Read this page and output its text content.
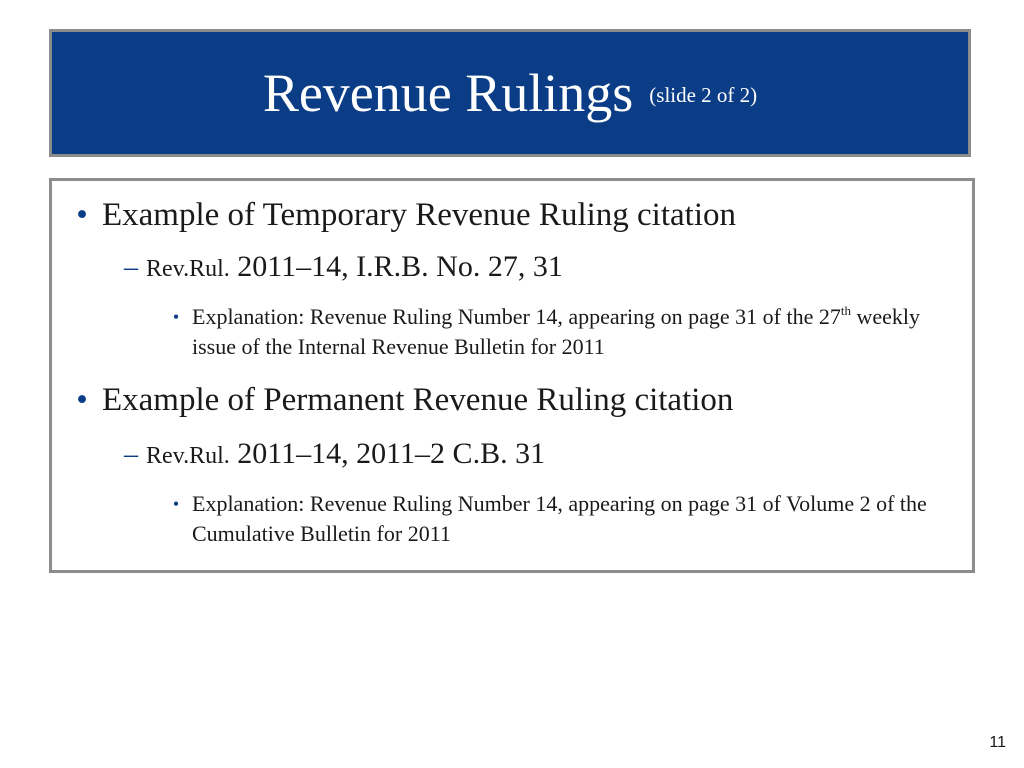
Revenue Rulings (slide 2 of 2)
• Example of Temporary Revenue Ruling citation
– Rev.Rul. 2011–14, I.R.B. No. 27, 31
• Explanation: Revenue Ruling Number 14, appearing on page 31 of the 27th weekly issue of the Internal Revenue Bulletin for 2011
• Example of Permanent Revenue Ruling citation
– Rev.Rul. 2011–14, 2011–2 C.B. 31
• Explanation: Revenue Ruling Number 14, appearing on page 31 of Volume 2 of the Cumulative Bulletin for 2011
11
